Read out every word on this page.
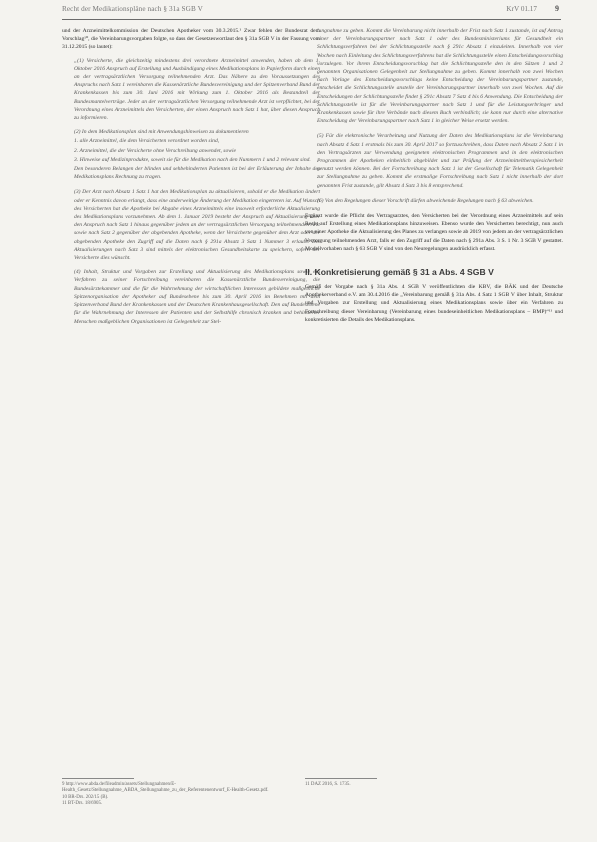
Recht der Medikationspläne nach § 31a SGB V	KrV 01.17 9

und der Arzneimittelkommission der Deutschen Apotheker vom 30.3.2015.¹ Zwar fehlen der Bundesrat dem Vorschlag¹⁰, die Vereinbarungsvorgaben folgte, so dass der Gesetzeswortlaut den § 31a SGB V in der Fassung vom 31.12.2015 (so lautet):

„(1) Versicherte, die gleichzeitig mindestens drei verordnete Arzneimittel anwenden, haben ab dem 1. Oktober 2016 Anspruch auf Erstellung und Aushändigung eines Medikationsplans in Papierform durch einen an der vertragsärztlichen Versorgung teilnehmenden Arzt. Das Nähere zu den Voraussetzungen des Anspruchs nach Satz 1 vereinbaren die Kassenärztliche Bundesvereinigung und der Spitzenverband Bund der Krankenkassen bis zum 30. Juni 2016 mit Wirkung zum 1. Oktober 2016 als Bestandteil der Bundesmantelverträge. Jeder an der vertragsärztlichen Versorgung teilnehmende Arzt ist verpflichtet, bei der Verordnung eines Arzneimittels den Versicherten, der einen Anspruch nach Satz 1 hat, über diesen Anspruch zu informieren.

(2) In dem Medikationsplan sind mit Anwendungshinweisen zu dokumentieren

1. alle Arzneimittel, die dem Versicherten verordnet worden sind,
2. Arzneimittel, die der Versicherte ohne Verschreibung anwendet, sowie
3. Hinweise auf Medizinprodukte, soweit sie für die Medikation nach den Nummern 1 und 2 relevant sind.

Den besonderen Belangen der blinden und sehbehinderten Patienten ist bei der Erläuterung der Inhalte des Medikationsplans Rechnung zu tragen.

(3) Der Arzt nach Absatz 1 Satz 1 hat den Medikationsplan zu aktualisieren, sobald er die Medikation ändert oder er Kenntnis davon erlangt, dass eine anderweitige Änderung der Medikation eingetreten ist. Auf Wunsch des Versicherten hat die Apotheke bei Abgabe eines Arzneimittels eine insoweit erforderliche Aktualisierung des Medikationsplans vorzunehmen. Ab dem 1. Januar 2019 besteht der Anspruch auf Aktualisierung über den Anspruch nach Satz 1 hinaus gegenüber jedem an der vertragsärztlichen Versorgung teilnehmenden Arzt sowie nach Satz 2 gegenüber der abgebenden Apotheke, wenn der Versicherte gegenüber dem Arzt oder der abgebenden Apotheke den Zugriff auf die Daten nach § 291a Absatz 3 Satz 1 Nummer 3 erlaubt. Die Aktualisierungen nach Satz 3 sind mittels der elektronischen Gesundheitskarte zu speichern, sofern der Versicherte dies wünscht.

(4) Inhalt, Struktur und Vorgaben zur Erstellung und Aktualisierung des Medikationsplans sowie ein Verfahren zu seiner Fortschreibung vereinbaren die Kassenärztliche Bundesvereinigung, die Bundesärztekammer und die für die Wahrnehmung der wirtschaftlichen Interessen gebildete maßgebliche Spitzenorganisation der Apotheker auf Bundesebene bis zum 30. April 2016 im Benehmen mit dem Spitzenverband Bund der Krankenkassen und der Deutschen Krankenhausgesellschaft. Den auf Bundesebene für die Wahrnehmung der Interessen der Patienten und der Selbsthilfe chronisch kranken und behinderter Menschen maßgeblichen Organisationen ist Gelegenheit zur Stel-

lungnahme zu geben. Kommt die Vereinbarung nicht innerhalb der Frist nach Satz 1 zustande, ist auf Antrag einer der Vereinbarungspartner nach Satz 1 oder des Bundesministeriums für Gesundheit ein Schlichtungsverfahren bei der Schlichtungsstelle nach § 291c Absatz 1 einzuleiten. Innerhalb von vier Wochen nach Einleitung des Schlichtungsverfahrens hat die Schlichtungsstelle einen Entscheidungsvorschlag vorzulegen. Vor ihrem Entscheidungsvorschlag hat die Schlichtungsstelle den in den Sätzen 1 und 2 genannten Organisationen Gelegenheit zur Stellungnahme zu geben. Kommt innerhalb von zwei Wochen nach Vorlage des Entscheidungsvorschlags keine Entscheidung der Vereinbarungspartner zustande, entscheidet die Schlichtungsstelle anstelle der Vereinbarungspartner innerhalb von zwei Wochen. Auf die Entscheidungen der Schlichtungsstelle findet § 291c Absatz 7 Satz 4 bis 6 Anwendung. Die Entscheidung der Schlichtungsstelle ist für die Vereinbarungspartner nach Satz 1 und für die Leistungserbringer und Krankenkassen sowie für ihre Verbände nach diesem Buch verbindlich; sie kann nur durch eine alternative Entscheidung der Vereinbarungspartner nach Satz 1 in gleicher Weise ersetzt werden.

(5) Für die elektronische Verarbeitung und Nutzung der Daten des Medikationsplans ist die Vereinbarung nach Absatz 4 Satz 1 erstmals bis zum 30. April 2017 so fortzuschreiben, dass Daten nach Absatz 2 Satz 1 in den Vertragsärzten zur Verwendung geeigneten elektronischen Programmen und in den elektronischen Programmen der Apotheken einheitlich abgebildet und zur Prüfung der Arzneimitteltherapiesicherheit genutzt werden können. Bei der Fortschreibung nach Satz 1 ist der Gesellschaft für Telematik Gelegenheit zur Stellungnahme zu geben. Kommt die erstmalige Fortschreibung nach Satz 1 nicht innerhalb der dort genannten Frist zustande, gilt Absatz 4 Satz 3 bis 8 entsprechend.

(6) Von den Regelungen dieser Vorschrift dürfen abweichende Regelungen nach § 63 abweichen.

Ergänzt wurde die Pflicht des Vertragsarztes, den Versicherten bei der Verordnung eines Arzneimittels auf sein Recht auf Erstellung eines Medikationsplans hinzuweisen. Ebenso wurde den Versicherten berechtigt, nun auch von einer Apotheke die Aktualisierung des Planes zu verlangen sowie ab 2019 von jedem an der vertragsärztlichen Versorgung teilnehmenden Arzt, falls er den Zugriff auf die Daten nach § 291a Abs. 3 S. 1 Nr. 3 SGB V gestattet. Modellvorhaben nach § 63 SGB V sind von den Neuregelungen ausdrücklich erfasst.

II. Konkretisierung gemäß § 31 a Abs. 4 SGB V

Gemäß der Vorgabe nach § 31a Abs. 4 SGB V veröffentlichten die KBV, die BÄK und der Deutsche Apothekerverband e.V. am 30.4.2016 die „Vereinbarung gemäß § 31a Abs. 4 Satz 1 SGB V über Inhalt, Struktur und Vorgaben zur Erstellung und Aktualisierung eines Medikationsplans sowie über ein Verfahren zu Fortschreibung dieser Vereinbarung (Vereinbarung eines bundeseinheitlichen Medikationsplans – BMP)“¹¹ und konkretisierten die Details des Medikationsplans.

9 http://www.abda.de/fileadmin/assets/Stellungnahmen/E-Health_Gesetz/Stellungnahme_ABDA_Stellungnahme_zu_der_Referentenentwurf_E-Health-Gesetz.pdf.

10 BR-Drs. 202/15 (B).

11 BT-Drs. 18/6905.

11 DAZ 2016, S. 1735.
